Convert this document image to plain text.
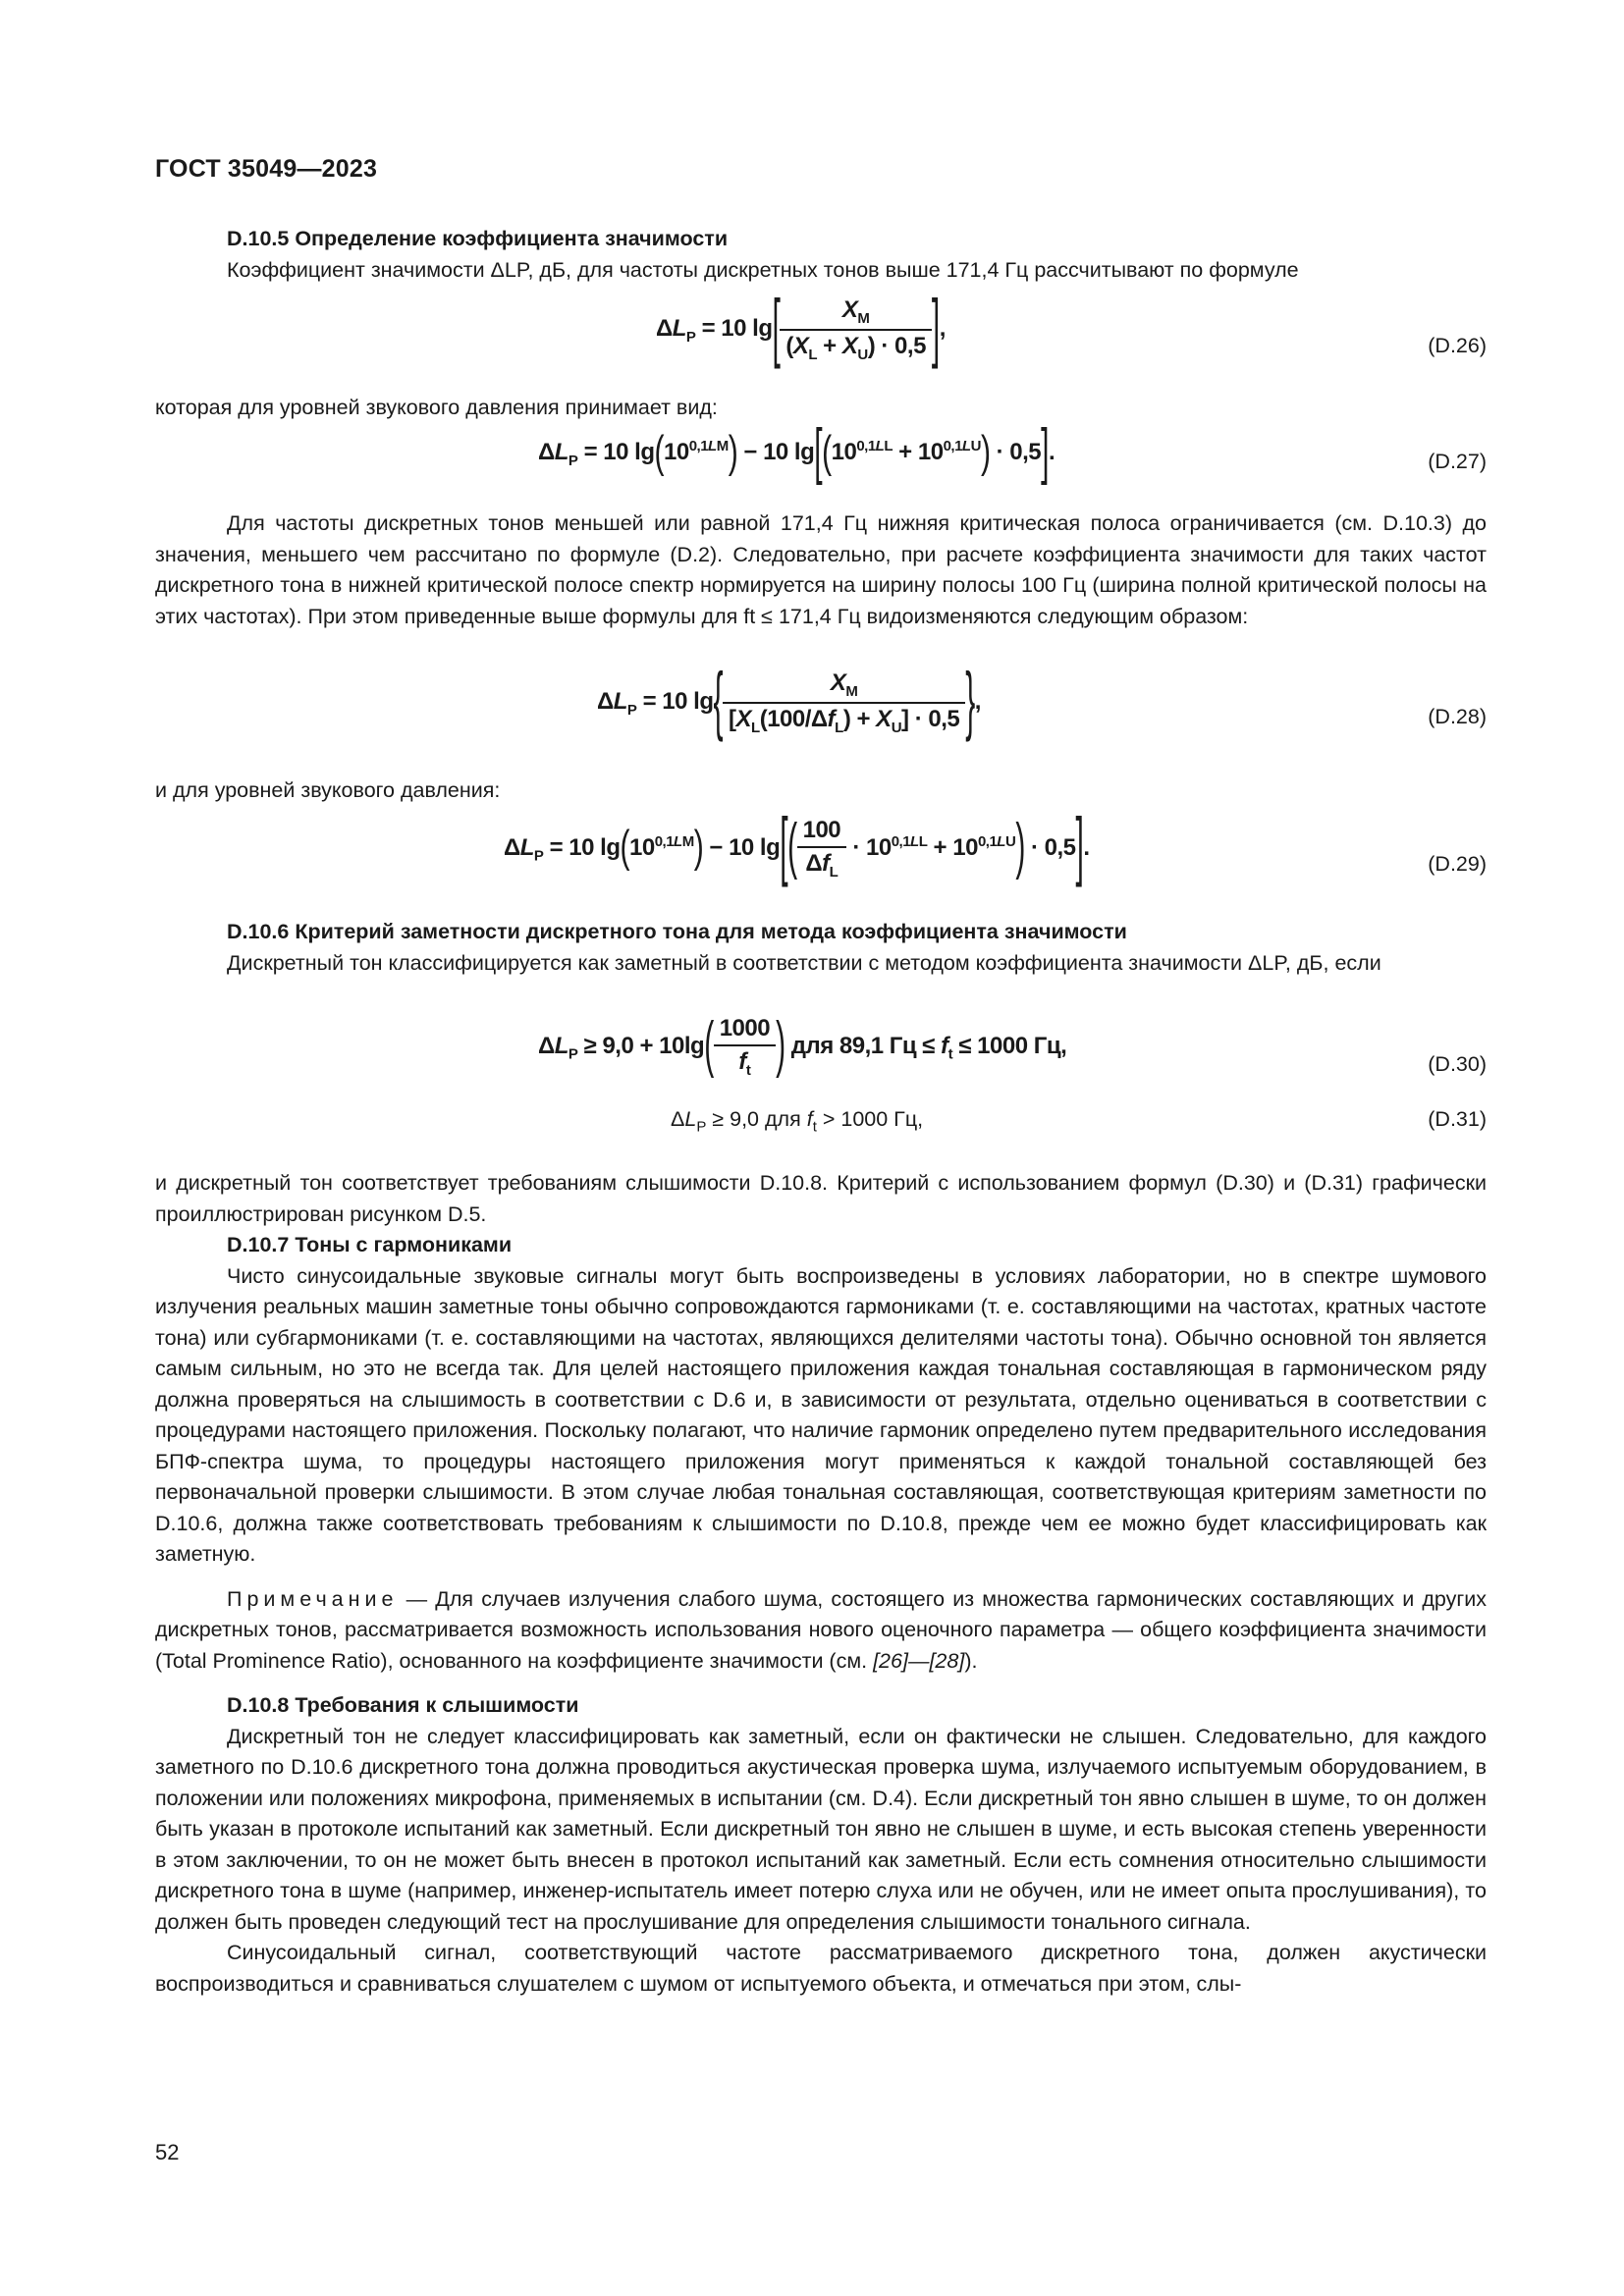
ГОСТ 35049—2023

D.10.5 Определение коэффициента значимости

Коэффициент значимости ΔLP, дБ, для частоты дискретных тонов выше 171,4 Гц рассчитывают по формуле

$\Delta L_P = 10$ $\lg[ \frac{X_M}{(X_L + X_U) \cdot 0,5}$ ],
(D.26)

которая для уровней звукового давления принимает вид:

$\Delta L_P = 10$ $\lg(10^{0,1LM}) - 10$ $\lg[(10^{0,1LL} + 10^{0,1LU}) \cdot 0,5]$.	(D.27)

Для частоты дискретных тонов меньшей или равной 171,4 Гц нижняя критическая полоса ограничивается (см. D.10.3) до значения, меньшего чем рассчитано по формуле (D.2). Следовательно, при расчете коэффициента значимости для таких частот дискретного тона в нижней критической полосе спектр нормируется на ширину полосы 100 Гц (ширина полной критической полосы на этих частотах). При этом приведенные выше формулы для ft ≤ 171,4 Гц видоизменяются следующим образом:

$\Delta L_P = 10$ $\lg\{ \frac{X_M}{[X_L(100/\Delta f_L) + X_U] \cdot 0,5}$ },
(D.28)

и для уровней звукового давления:

$\Delta L_P = 10$ $\lg(10^{0,1LM}) - 10$ $\lg[( \frac{100}{\Delta f_L} \cdot 10^{0,1LL} + 10^{0,1LU}) \cdot 0,5]$.
(D.29)

D.10.6 Критерий заметности дискретного тона для метода коэффициента значимости

Дискретный тон классифицируется как заметный в соответствии с методом коэффициента значимости ΔLP, дБ, если

$\Delta L_P \ge 9,0 + 10\lg( \frac{1000}{f_t}$ ) для 89,1 Гц ≤ $f_t \le 1000$ Гц,
(D.30)
$\Delta L_P \ge 9,0$ для $f_t > 1000$ Гц,	(D.31)

и дискретный тон соответствует требованиям слышимости D.10.8. Критерий с использованием формул (D.30) и (D.31) графически проиллюстрирован рисунком D.5.

D.10.7 Тоны с гармониками

Чисто синусоидальные звуковые сигналы могут быть воспроизведены в условиях лаборатории, но в спектре шумового излучения реальных машин заметные тоны обычно сопровождаются гармониками (т. е. составляющими на частотах, кратных частоте тона) или субгармониками (т. е. составляющими на частотах, являющихся делителями частоты тона). Обычно основной тон является самым сильным, но это не всегда так. Для целей настоящего приложения каждая тональная составляющая в гармоническом ряду должна проверяться на слышимость в соответствии с D.6 и, в зависимости от результата, отдельно оцениваться в соответствии с процедурами настоящего приложения. Поскольку полагают, что наличие гармоник определено путем предварительного исследования БПФ-спектра шума, то процедуры настоящего приложения могут применяться к каждой тональной составляющей без первоначальной проверки слышимости. В этом случае любая тональная составляющая, соответствующая критериям заметности по D.10.6, должна также соответствовать требованиям к слышимости по D.10.8, прежде чем ее можно будет классифицировать как заметную.

Примечание — Для случаев излучения слабого шума, состоящего из множества гармонических составляющих и других дискретных тонов, рассматривается возможность использования нового оценочного параметра — общего коэффициента значимости (Total Prominence Ratio), основанного на коэффициенте значимости (см. [26]—[28]).

D.10.8 Требования к слышимости

Дискретный тон не следует классифицировать как заметный, если он фактически не слышен. Следовательно, для каждого заметного по D.10.6 дискретного тона должна проводиться акустическая проверка шума, излучаемого испытуемым оборудованием, в положении или положениях микрофона, применяемых в испытании (см. D.4). Если дискретный тон явно слышен в шуме, то он должен быть указан в протоколе испытаний как заметный. Если дискретный тон явно не слышен в шуме, и есть высокая степень уверенности в этом заключении, то он не может быть внесен в протокол испытаний как заметный. Если есть сомнения относительно слышимости дискретного тона в шуме (например, инженер-испытатель имеет потерю слуха или не обучен, или не имеет опыта прослушивания), то должен быть проведен следующий тест на прослушивание для определения слышимости тонального сигнала.

Синусоидальный сигнал, соответствующий частоте рассматриваемого дискретного тона, должен акустически воспроизводиться и сравниваться слушателем с шумом от испытуемого объекта, и отмечаться при этом, слы-

52
